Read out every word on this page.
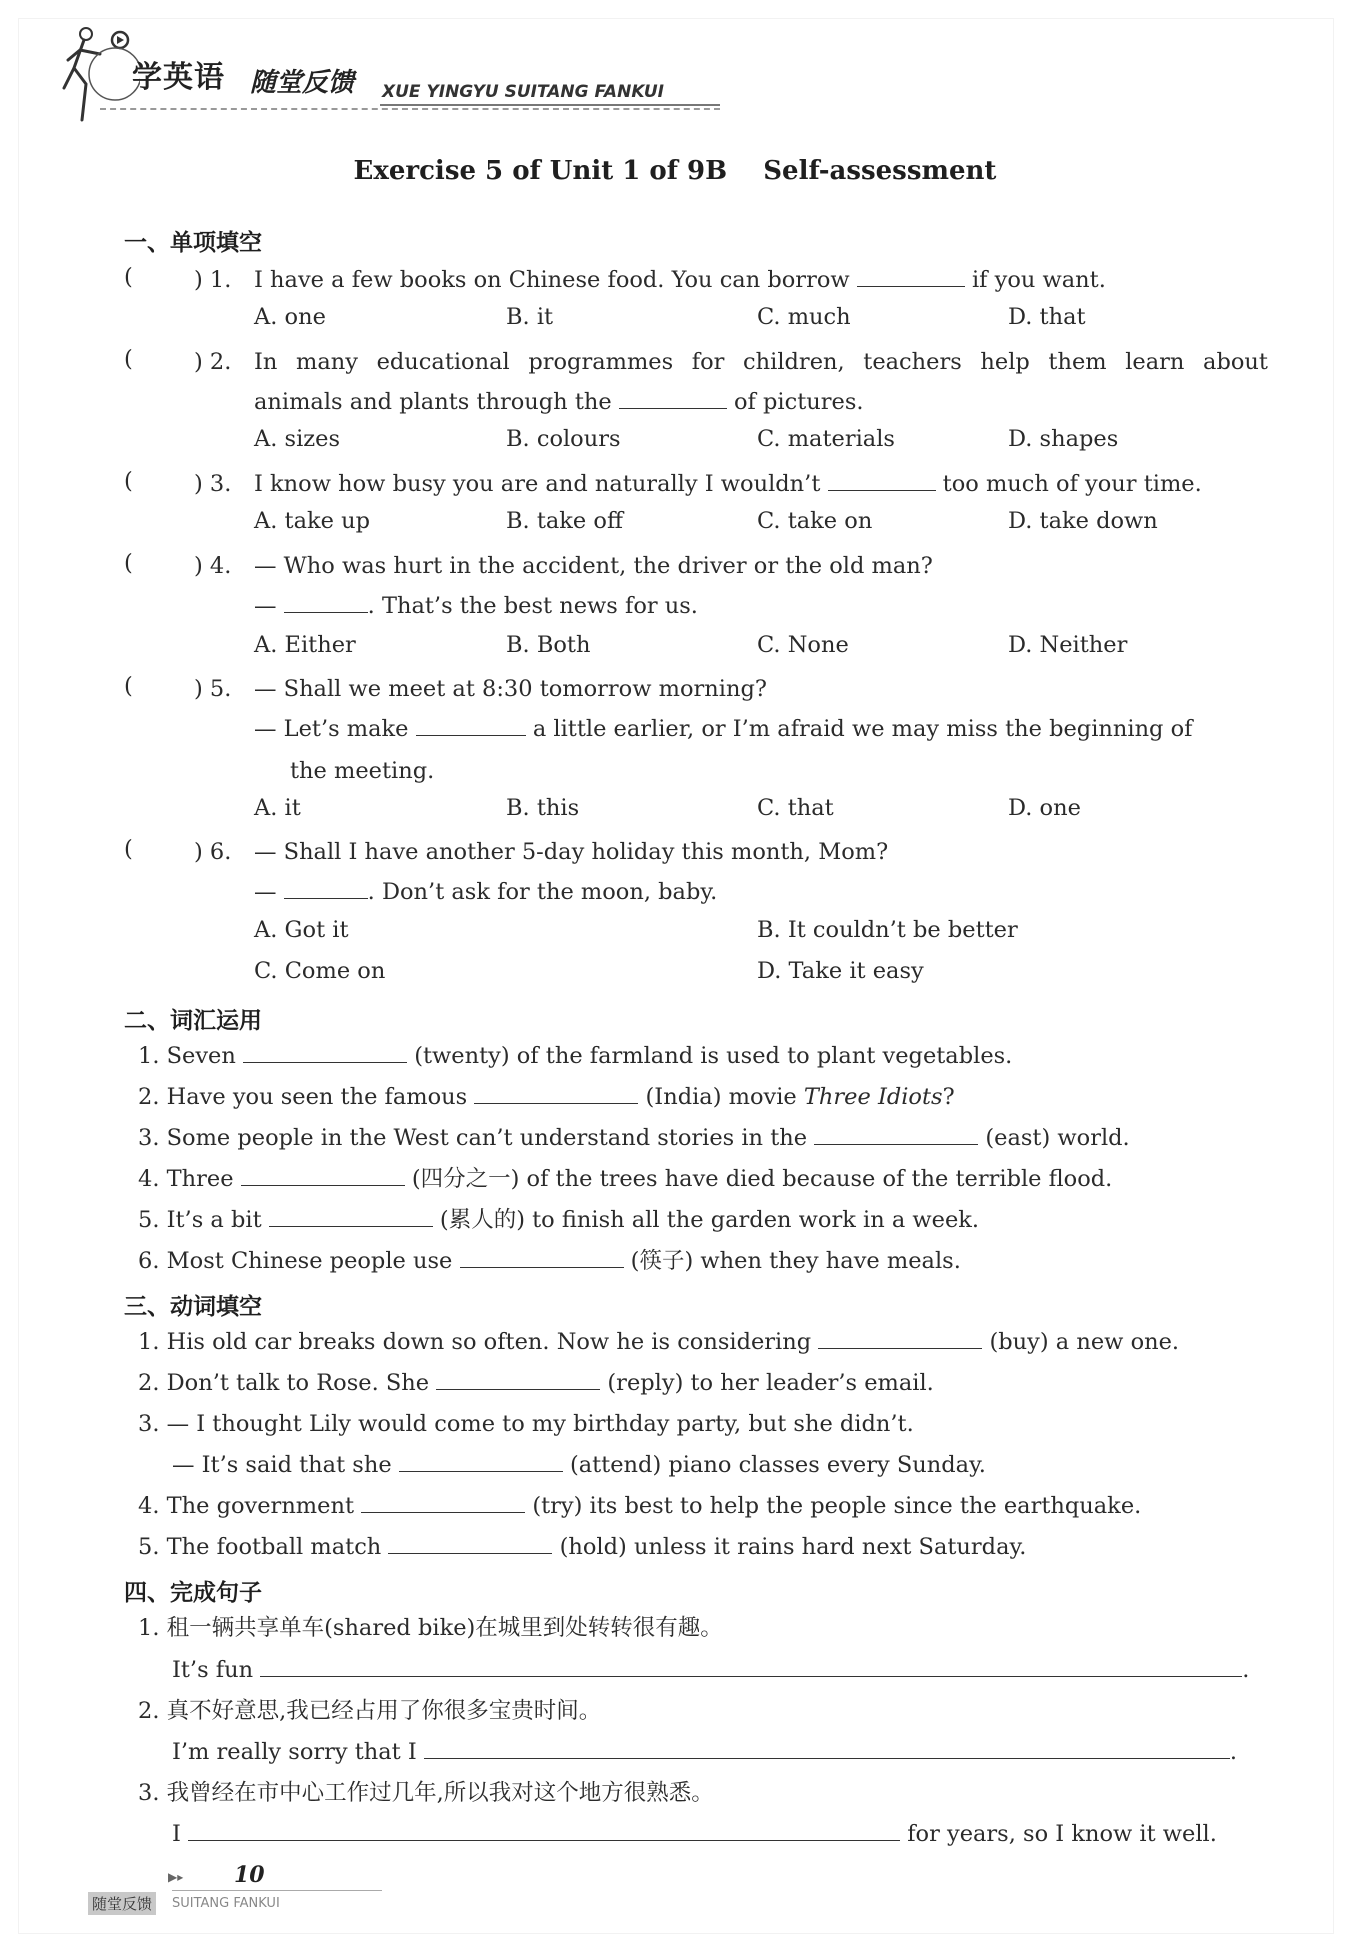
学英语 随堂反馈 XUE YINGYU SUITANG FANKUI
Exercise 5 of Unit 1 of 9B    Self-assessment
一、单项填空
(	) 1. I have a few books on Chinese food. You can borrow	if you want.
A. one	B. it	C. much	D. that
(	) 2. In many educational programmes for children, teachers help them learn about
animals and plants through the	of pictures.
A. sizes	B. colours	C. materials	D. shapes
(	) 3. I know how busy you are and naturally I wouldn’t	too much of your time.
A. take up	B. take off	C. take on	D. take down
(	) 4. — Who was hurt in the accident, the driver or the old man?
—	. That’s the best news for us.
A. Either	B. Both	C. None	D. Neither
(	) 5. — Shall we meet at 8:30 tomorrow morning?
— Let’s make	a little earlier, or I’m afraid we may miss the beginning of
the meeting.
A. it	B. this	C. that	D. one
(	) 6. — Shall I have another 5-day holiday this month, Mom?
—	. Don’t ask for the moon, baby.
A. Got it	B. It couldn’t be better
C. Come on	D. Take it easy
二、词汇运用
1. Seven	(twenty) of the farmland is used to plant vegetables.
2. Have you seen the famous	(India) movie Three Idiots?
3. Some people in the West can’t understand stories in the	(east) world.
4. Three	(四分之一) of the trees have died because of the terrible flood.
5. It’s a bit	(累人的) to finish all the garden work in a week.
6. Most Chinese people use	(筷子) when they have meals.
三、动词填空
1. His old car breaks down so often. Now he is considering	(buy) a new one.
2. Don’t talk to Rose. She	(reply) to her leader’s email.
3. — I thought Lily would come to my birthday party, but she didn’t.
— It’s said that she	(attend) piano classes every Sunday.
4. The government	(try) its best to help the people since the earthquake.
5. The football match	(hold) unless it rains hard next Saturday.
四、完成句子
1. 租一辆共享单车(shared bike)在城里到处转转很有趣。
It’s fun	.
2. 真不好意思,我已经占用了你很多宝贵时间。
I’m really sorry that I	.
3. 我曾经在市中心工作过几年,所以我对这个地方很熟悉。
I	for years, so I know it well.
▶▸ 10
随堂反馈	SUITANG FANKUI
